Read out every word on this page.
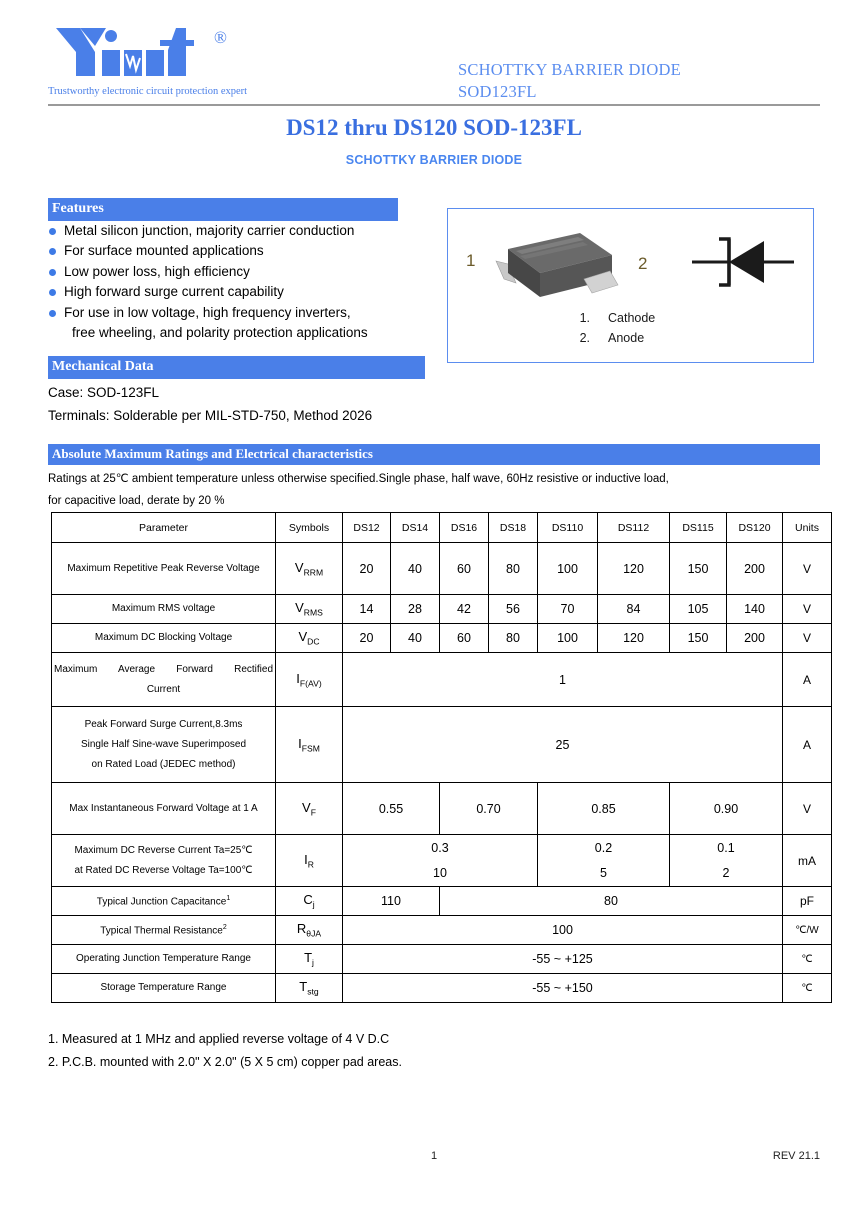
®
Trustworthy electronic circuit protection expert
SCHOTTKY BARRIER DIODE
SOD123FL
DS12 thru DS120 SOD-123FL
SCHOTTKY BARRIER DIODE
Features
Metal silicon junction, majority carrier conduction
For surface mounted applications
Low power loss, high efficiency
High forward surge current capability
For use in low voltage, high frequency inverters,
free wheeling, and polarity protection applications
Mechanical Data
Case: SOD-123FL
Terminals: Solderable per MIL-STD-750, Method 2026
1	2
1.	Cathode
2.	Anode
Absolute Maximum Ratings and Electrical characteristics
Ratings at 25℃ ambient temperature unless otherwise specified.Single phase, half wave, 60Hz resistive or inductive load,
for capacitive load, derate by 20 %
Parameter	Symbols	DS12	DS14	DS16	DS18	DS110	DS112	DS115	DS120	Units
Maximum Repetitive Peak Reverse Voltage	$V_{RRM}$	20	40	60	80	100	120	150	200	V
Maximum RMS voltage	$V_{RMS}$	14	28	42	56	70	84	105	140	V
Maximum DC Blocking Voltage	$V_{DC}$	20	40	60	80	100	120	150	200	V

Maximum Average Forward Rectified
Current	$I_{F(AV)}$	1								A

Peak Forward Surge Current,8.3ms
Single Half Sine-wave Superimposed
on Rated Load (JEDEC method)	$I_{FSM}$	25								A
Max Instantaneous Forward Voltage at 1 A	$V_F$	0.55		0.70		0.85		0.90		V

Maximum DC Reverse Current Ta=25℃
at Rated DC Reverse Voltage Ta=100℃	$I_R$	0.3				0.2		0.1		mA
		10				5		2		
Typical Junction Capacitance$^1$	$C_j$	110		80						pF
Typical Thermal Resistance$^2$	$R_{\theta JA}$	100								℃/W
Operating Junction Temperature Range	$T_j$	-55 ~ +125								℃
Storage Temperature Range	$T_{stg}$	-55 ~ +150								℃
1. Measured at 1 MHz and applied reverse voltage of 4 V D.C
2. P.C.B. mounted with 2.0" X 2.0" (5 X 5 cm) copper pad areas.
1	REV 21.1
